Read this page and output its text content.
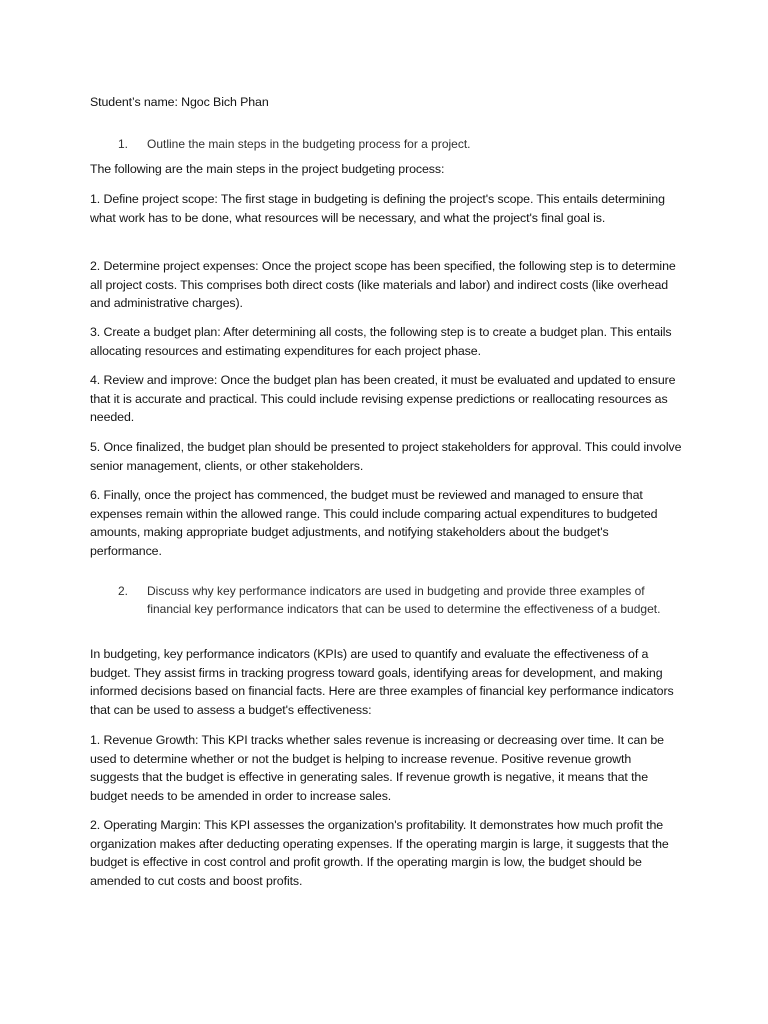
Student’s name: Ngoc Bich Phan

1.	Outline the main steps in the budgeting process for a project.

The following are the main steps in the project budgeting process:

1. Define project scope: The first stage in budgeting is defining the project's scope. This entails determining what work has to be done, what resources will be necessary, and what the project's final goal is.

2. Determine project expenses: Once the project scope has been specified, the following step is to determine all project costs. This comprises both direct costs (like materials and labor) and indirect costs (like overhead and administrative charges).

3. Create a budget plan: After determining all costs, the following step is to create a budget plan. This entails allocating resources and estimating expenditures for each project phase.

4. Review and improve: Once the budget plan has been created, it must be evaluated and updated to ensure that it is accurate and practical. This could include revising expense predictions or reallocating resources as needed.

5. Once finalized, the budget plan should be presented to project stakeholders for approval. This could involve senior management, clients, or other stakeholders.

6. Finally, once the project has commenced, the budget must be reviewed and managed to ensure that expenses remain within the allowed range. This could include comparing actual expenditures to budgeted amounts, making appropriate budget adjustments, and notifying stakeholders about the budget's performance.

2.	Discuss why key performance indicators are used in budgeting and provide three examples of financial key performance indicators that can be used to determine the effectiveness of a budget.

In budgeting, key performance indicators (KPIs) are used to quantify and evaluate the effectiveness of a budget. They assist firms in tracking progress toward goals, identifying areas for development, and making informed decisions based on financial facts. Here are three examples of financial key performance indicators that can be used to assess a budget's effectiveness:

1. Revenue Growth: This KPI tracks whether sales revenue is increasing or decreasing over time. It can be used to determine whether or not the budget is helping to increase revenue. Positive revenue growth suggests that the budget is effective in generating sales. If revenue growth is negative, it means that the budget needs to be amended in order to increase sales.

2. Operating Margin: This KPI assesses the organization's profitability. It demonstrates how much profit the organization makes after deducting operating expenses. If the operating margin is large, it suggests that the budget is effective in cost control and profit growth. If the operating margin is low, the budget should be amended to cut costs and boost profits.
